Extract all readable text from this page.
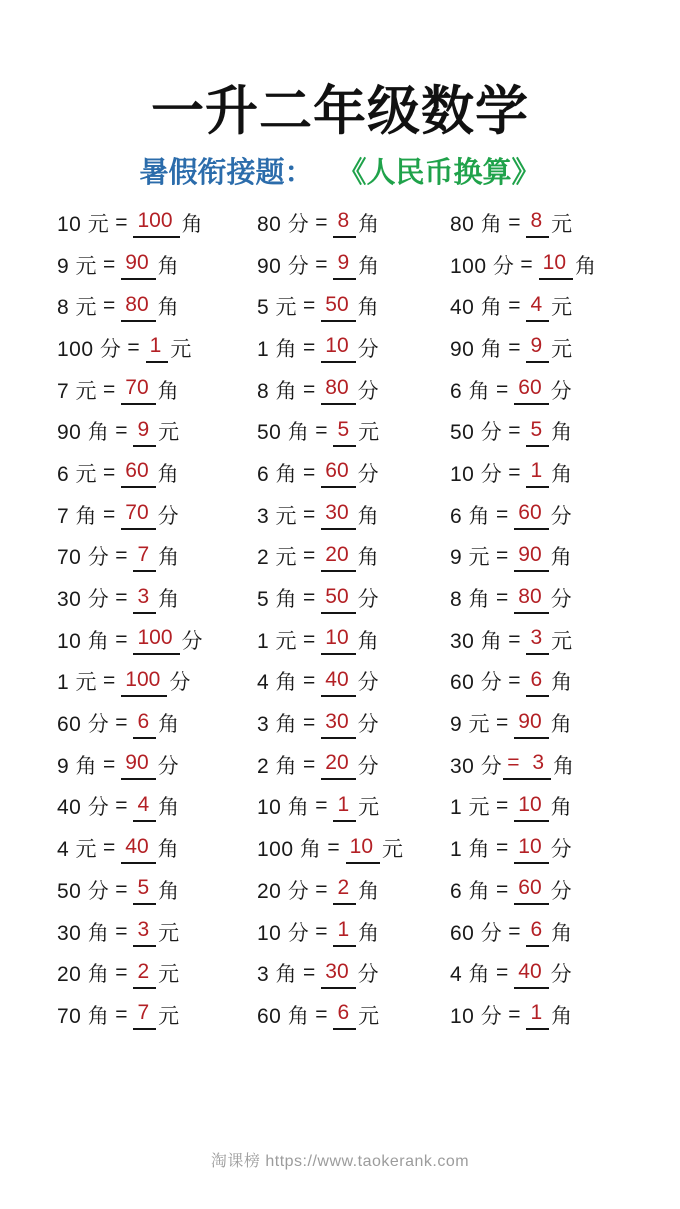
一升二年级数学
暑假衔接题： 《人民币换算》
10 元 = 100 角
9 元 = 90 角
8 元 = 80 角
100 分 = 1 元
7 元 = 70 角
90 角 = 9 元
6 元 = 60 角
7 角 = 70 分
70 分 = 7 角
30 分 = 3 角
10 角 = 100 分
1 元 = 100 分
60 分 = 6 角
9 角 = 90 分
40 分 = 4 角
4 元 = 40 角
50 分 = 5 角
30 角 = 3 元
20 角 = 2 元
70 角 = 7 元
80 分 = 8 角
90 分 = 9 角
5 元 = 50 角
1 角 = 10 分
8 角 = 80 分
50 角 = 5 元
6 角 = 60 分
3 元 = 30 角
2 元 = 20 角
5 角 = 50 分
1 元 = 10 角
4 角 = 40 分
3 角 = 30 分
2 角 = 20 分
10 角 = 1 元
100 角 = 10 元
20 分 = 2 角
10 分 = 1 角
3 角 = 30 分
60 角 = 6 元
80 角 = 8 元
100 分 = 10 角
40 角 = 4 元
90 角 = 9 元
6 角 = 60 分
50 分 = 5 角
10 分 = 1 角
6 角 = 60 分
9 元 = 90 角
8 角 = 80 分
30 角 = 3 元
60 分 = 6 角
9 元 = 90 角
30 分 = 3 角
1 元 = 10 角
1 角 = 10 分
6 角 = 60 分
60 分 = 6 角
4 角 = 40 分
10 分 = 1 角
淘课榜 https://www.taokerank.com
